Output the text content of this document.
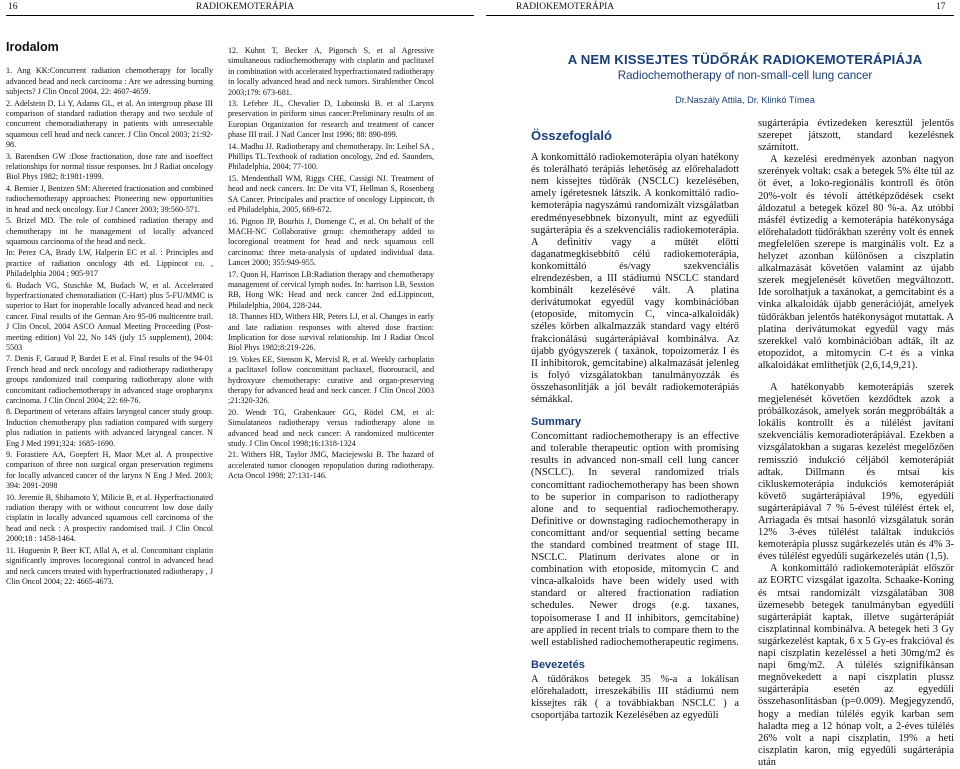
16	RADIOKEMOTERÁPIA	RADIOKEMOTERÁPIA	17
Irodalom

1. Ang KK:Concurrent radiation chemotherapy for locally advanced head and neck carcinoma : Are we adressing burning subjects? J Clin Oncol 2004, 22: 4607-4659.

2. Adelstein D, Li Y, Adams GL, et al. An intergroup phase III comparison of standard radiation therapy and two secdule of concurrent chemoradiatherapy in patients with unresectable squamous cell head and neck cancer. J Clin Oncol 2003; 21:92-98.

3. Barendsen GW :Dose fractionation, dose rate and isoeffect relationships for normal tissue responses. Int J Radiat oncology Biol Phys 1982; 8:1981-1999.

4. Bernier J, Bentzen SM: Altereted fractionation and combined radiochemotherapy approaches: Pioneering new opportunities in head and neck oncology. Eur J Cancer 2003; 39:560-571.

5. Brizel MD. The role of combined radiation therapy and chemotherapy int he management of locally advanced squamous carcinoma of the head and neck.

In: Perez CA, Brady LW, Halperin EC et al. : Principles and practice of radiation oncology 4th ed. Lippincot co. , Philadelphia 2004 ; 905-917

6. Budach VG, Stuschke M, Budach W, et al. Accelerated hyperfractionated chemoradiation (C-Hart) plus 5-FU/MMC is superior to Hart for inoperable locally advanced head and neck cancer. Final results of the German Aro 95-06 multicentre trail. J Clin Oncol, 2004 ASCO Annual Meeting Proceeding (Post-meeting edition) Vol 22, No 14S (july 15 supplement), 2004: 5503

7. Denis F, Garaud P, Bardet E et al. Final results of the 94-01 French head and neck oncology and radiotherapy radiotherapy groups randomized trail comparing radiotherapy alone with concomitant radiochemotherapy in advanced stage oropharynx carcinoma. J Clin Oncol 2004; 22: 69-76.

8. Department of veterans affairs laryngeal cancer study group. Induction chemotherapy plus radiation compared with surgery plus radiation in patients with advanced laryngeal cancer. N Eng J Med 1991;324: 1685-1690.

9. Forastiere AA, Goepfert H, Maor M,et al. A prospective comparison of three non surgical organ preservation regimens for locally advanced cancer of the larynx N Eng J Med. 2003; 394: 2091-2098

10. Jeremie B, Shibamoto Y, Milicie B, et al. Hyperfractionated radiation therapy with or without concurrent low dose daily cisplatin in locally advanced squamous cell carcinoma of the head and neck : A prospectiv randomised trail. J Clin Oncol 2000;18 : 1458-1464.

11. Huguenin P, Beer KT, Allal A, et al. Concomitant cisplatin significantly improves locoregional control in advanced head and neck cancers treated with hyperfractionated radiotherapy , J Clin Oncol 2004; 22: 4665-4673.

12. Kuhnt T, Becker A, Pigorsch S, et al Agressive simultaneous radiochemotherapy with cisplatin and paclitaxel in combination with accelerated hyperfractionated radiotherapy in locally advanced head and neck tumors. Strahlenther Oncol 2003;179: 673-681.

13. Lefebre JL, Chevalier D, Luboinski B. et al :Larynx preservation in piriform sinus cancer:Preliminary results of an Europian Organization for research and treatment of cancer phase III trail. J Natl Cancer Inst 1996; 88: 890-899.

14. Madhu JJ. Radiotherapy and chemotherapy. In: Leibel SA , Phillips TL.Textbook of radiation oncology, 2nd ed. Saunders, Philadelphia, 2004; 77-100.

15. Mendenthall WM, Riggs CHE, Cassigi NJ. Treatment of head and neck cancers. In: De vita VT, Hellman S, Rosenberg SA Cancer. Principales and practice of oncology Lippincott, th ed Philadelphia, 2005, 669-672.

16. Pignon JP, Bourhis J, Domenge C, et al. On behalf of the MACH-NC Collaborative group: chemotherapy added to locoregional treatment for head and neck squamous cell carcinoma: three meta-analysis of updated individual data. Lancet 2000; 355:949-955.

17. Quon H, Harrison LB:Radiation therapy and chemotherapy management of cervical lymph nodes. In: harrison LB, Session RB, Hong WK: Head and neck cancer 2nd ed.Lippincott, Philadelphia, 2004, 228-244.

18. Thannes HD, Withers HR, Peters LJ, et al. Changes in early and late radiation responses with altered dose fraction: Implication for dose survival relationship. Int J Radiat Oncol Biol Phys 1982;8:219-226.

19. Vokes EE, Stenson K, Mervisl R, et al. Weekly carboplatin a paclitaxel follow concomittant pacltaxel, fluorouracil, and hydroxyure chemotherapy: curative and organ-preserving therapy for advanced head and neck cancer. J Clin Oncol 2003 ;21:320-326.

20. Wendt TG, Grabenkauer GG, Rödel CM, et al: Simulataneos radiotherapy versus radiotherapy alone in advanced head and neck cancer: A randomized multicenter study. J Clin Oncol 1998;16:1318-1324

21. Withers HR, Taylor JMG, Maciejewski B. The hazard of accelerated tumor clonogen repopulation during radiotherapy. Acta Oncol 1998; 27:131-146.

A NEM KISSEJTES TÜDŐRÁK RADIOKEMOTERÁPIÁJA
Radiochemotherapy of non-small-cell lung cancer
Dr.Naszály Attila, Dr. Klinkó Tímea
Összefoglaló

A konkomittáló radiokemoterápia olyan hatékony és tolerálható terápiás lehetőség az előrehaladott nem kissejtes tüdőrák (NSCLC) kezelésében, amely igéretesnek látszik. A konkomittáló radio-kemoterápia nagyszámú randomizált vizsgálatban eredményesebbnek bizonyult, mint az egyedüli sugárterápia és a szekvenciális radiokemoterápia. A definitív vagy a műtét előtti daganatmegkisebbítő célú radiokemoterápia, konkomittáló és/vagy szekvenciális elrendezésben, a III stádiumú NSCLC standard kombinált kezelésévé vált. A platina derivátumokat egyedül vagy kombinációban (etoposide, mitomycin C, vinca-alkaloidák) széles körben alkalmazzák standard vagy eltérő frakcionálású sugárterápiával kombinálva. Az újabb gyógyszerek ( taxánok, topoizomeráz I és II inhibitorok, gemcitabine) alkalmazását jelenleg is folyó vizsgálatokban tanulmányozzák és összehasonlítják a jól bevált radiokemoterápiás sémákkal.

Summary

Concomittant radiochemotherapy is an effective and tolerable therapeutic option with promising results in advanced non-small cell lung cancer (NSCLC). In several randomized trials concomittant radiochemotherapy has been shown to be superior in comparison to radiotherapy alone and to sequential radiochemotherapy. Definitive or downstaging radiochemotherapy in concomittant and/or sequential setting became the standard combined treatment of stage III. NSCLC. Platinum derivates alone or in combination with etoposide, mitomycin C and vinca-alkaloids have been widely used with standard or altered fractionation radiation schedules. Newer drogs (e.g. taxanes, topoisomerase I and II inhibitors, gemcitabine) are applied in recent trials to compare them to the well established radiochemotherapeutic regimens.

Bevezetés

A tüdőrákos betegek 35 %-a a lokálisan előrehaladott, irreszekábilis III stádiumú nem kissejtes rák ( a továbbiakban NSCLC ) a csoportjába tartozik Kezelésében az egyedüli

sugárterápia évtizedeken keresztül jelentős szerepet játszott, standard kezelésnek számított.

A kezelési eredmények azonban nagyon szerények voltak: csak a betegek 5% élte túl az öt évet, a loko-regionális kontroll és ötön 20%-volt és tévolí áttétképződések csekt áldozatul a betegek közel 80 %-a. Az utóbbi másfél évtizedig a kemoterápia hatékonysága előrehaladott tüdőrákban szerény volt és ennek megfelelően szerepe is marginális volt. Ez a helyzet azonban különösen a ciszplatin alkalmazását követően valamint az újabb szerek megjelenését követően megváltozott. Ide sorolhatjuk a taxánokat, a gemcitabint és a vinka alkaloidák újabb generációját, amelyek tüdőrákban jelentős hatékonyságot mutattak. A platina derivátumokat egyedül vagy más szerekkel való kombinációban adták, ilt az etopozidot, a mitomycin C-t és a vinka alkaloidákat említhetjük (2,6,14,9,21).

A hatékonyabb kemoterápiás szerek megjelenését követően kezdődtek azok a próbálkozások, amelyek során megpróbálták a lokális kontrollt és a túlélést javítani szekvenciális kemoradioterápiával. Ezekben a vizsgálatokban a sugaras kezelést megelőzően remisszió indukció céljából kemoterápiát adtak. Dillmann és mtsai kis cikluskemoterápia indukciós kemoterápiát követő sugárterápiával 19%, egyedüli sugárterápiával 7 % 5-évest túlélést értek el, Arriagada és mtsai hasonló vizsgálatuk során 12% 3-éves túlélést találtak indukciós kemoterápia plussz sugárkezelés után és 4% 3-éves túlélést egyedüli sugárkezelés után (1,5).

A konkomittáló radiokemoterápiát először az EORTC vizsgálat igazolta. Schaake-Koning és mtsai randomizált vizsgálatában 308 üzemesebb betegek tanulmányban egyedüli sugárterápiát kaptak, illetve sugárterápiát ciszplatinnal kombinálva. A betegek heti 3 Gy sugárkezelést kaptak, 6 x 5 Gy-es frakcióval és napi ciszplatin kezeléssel a heti 30mg/m2 és napi 6mg/m2. A túlélés szignifikánsan megnövekedett a napi ciszplatin plussz sugárterápia esetén az egyedüli összehasonlításban (p=0.009). Megjegyzendő, hogy a median túlélés egyik karban sem haladta meg a 12 hónap volt, a 2-éves túlélés 26% volt a napi ciszplatin, 19% a heti ciszplatin karon, míg egyedüli sugárterápia után
